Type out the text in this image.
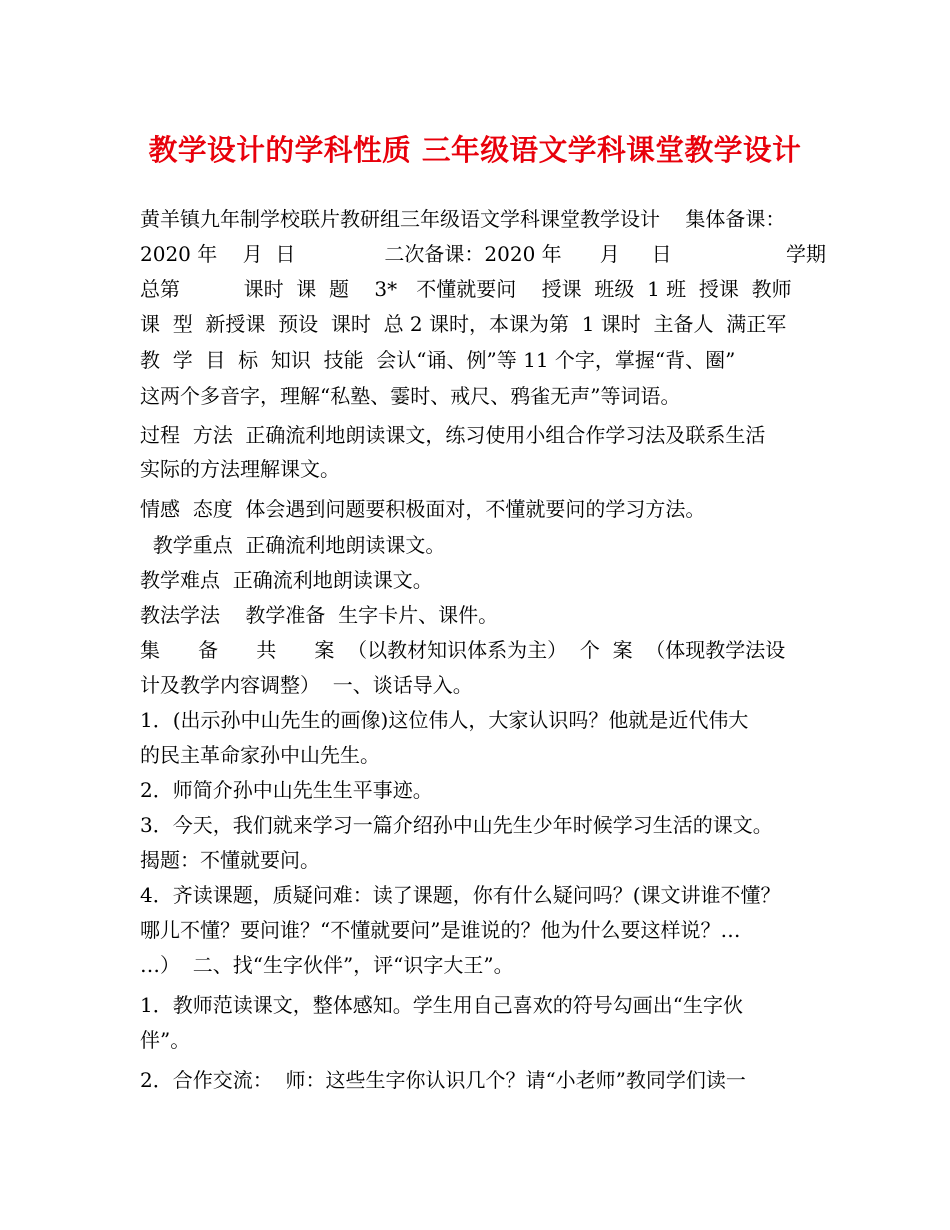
教学设计的学科性质 三年级语文学科课堂教学设计
黄羊镇九年制学校联片教研组三年级语文学科课堂教学设计    集体备课：
2020 年    月  日              二次备课：2020 年      月     日                  学期
总第          课时  课  题    3*   不懂就要问    授课  班级  1 班  授课  教师
课  型  新授课  预设  课时  总 2 课时，本课为第  1 课时  主备人  满正军
教  学  目  标  知识  技能  会认“诵、例”等 11 个字，掌握“背、圈”
这两个多音字，理解“私塾、霎时、戒尺、鸦雀无声”等词语。
过程  方法  正确流利地朗读课文，练习使用小组合作学习法及联系生活
实际的方法理解课文。
情感  态度  体会遇到问题要积极面对，不懂就要问的学习方法。
教学重点  正确流利地朗读课文。
教学难点  正确流利地朗读课文。
教法学法    教学准备  生字卡片、课件。
集      备      共      案  （以教材知识体系为主）  个  案  （体现教学法设
计及教学内容调整）  一、谈话导入。
1．(出示孙中山先生的画像)这位伟人，大家认识吗？他就是近代伟大
的民主革命家孙中山先生。
2．师简介孙中山先生生平事迹。
3．今天，我们就来学习一篇介绍孙中山先生少年时候学习生活的课文。
揭题：不懂就要问。
4．齐读课题，质疑问难：读了课题，你有什么疑问吗？(课文讲谁不懂？
哪儿不懂？要问谁？“不懂就要问”是谁说的？他为什么要这样说？…
…）  二、找“生字伙伴”，评“识字大王”。
1．教师范读课文，整体感知。学生用自己喜欢的符号勾画出“生字伙
伴”。
2．合作交流：  师：这些生字你认识几个？请“小老师”教同学们读一
